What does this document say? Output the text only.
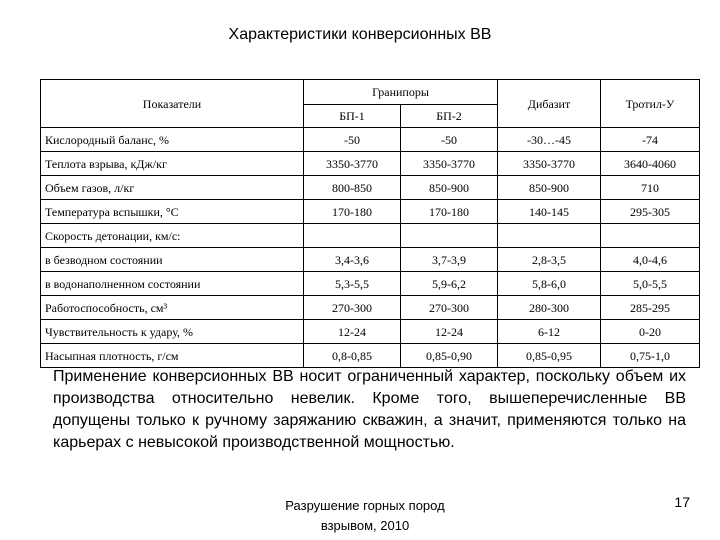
Характеристики конверсионных ВВ
Показатели	Гранипоры		Дибазит	Тротил-У
	БП-1	БП-2		
Кислородный баланс, %	-50	-50	-30…-45	-74
Теплота взрыва, кДж/кг	3350-3770	3350-3770	3350-3770	3640-4060
Объем газов, л/кг	800-850	850-900	850-900	710
Температура вспышки, °С	170-180	170-180	140-145	295-305
Скорость детонации, км/с:				
в безводном состоянии	3,4-3,6	3,7-3,9	2,8-3,5	4,0-4,6
в водонаполненном состоянии	5,3-5,5	5,9-6,2	5,8-6,0	5,0-5,5
Работоспособность, см³	270-300	270-300	280-300	285-295
Чувствительность к удару, %	12-24	12-24	6-12	0-20
Насыпная плотность, г/см	0,8-0,85	0,85-0,90	0,85-0,95	0,75-1,0
Применение конверсионных ВВ носит ограниченный характер, поскольку объем их производства относительно невелик. Кроме того, вышеперечисленные ВВ допущены только к ручному заряжанию скважин, а значит, применяются только на карьерах с невысокой производственной мощностью.
Разрушение горных пород
взрывом, 2010
17
